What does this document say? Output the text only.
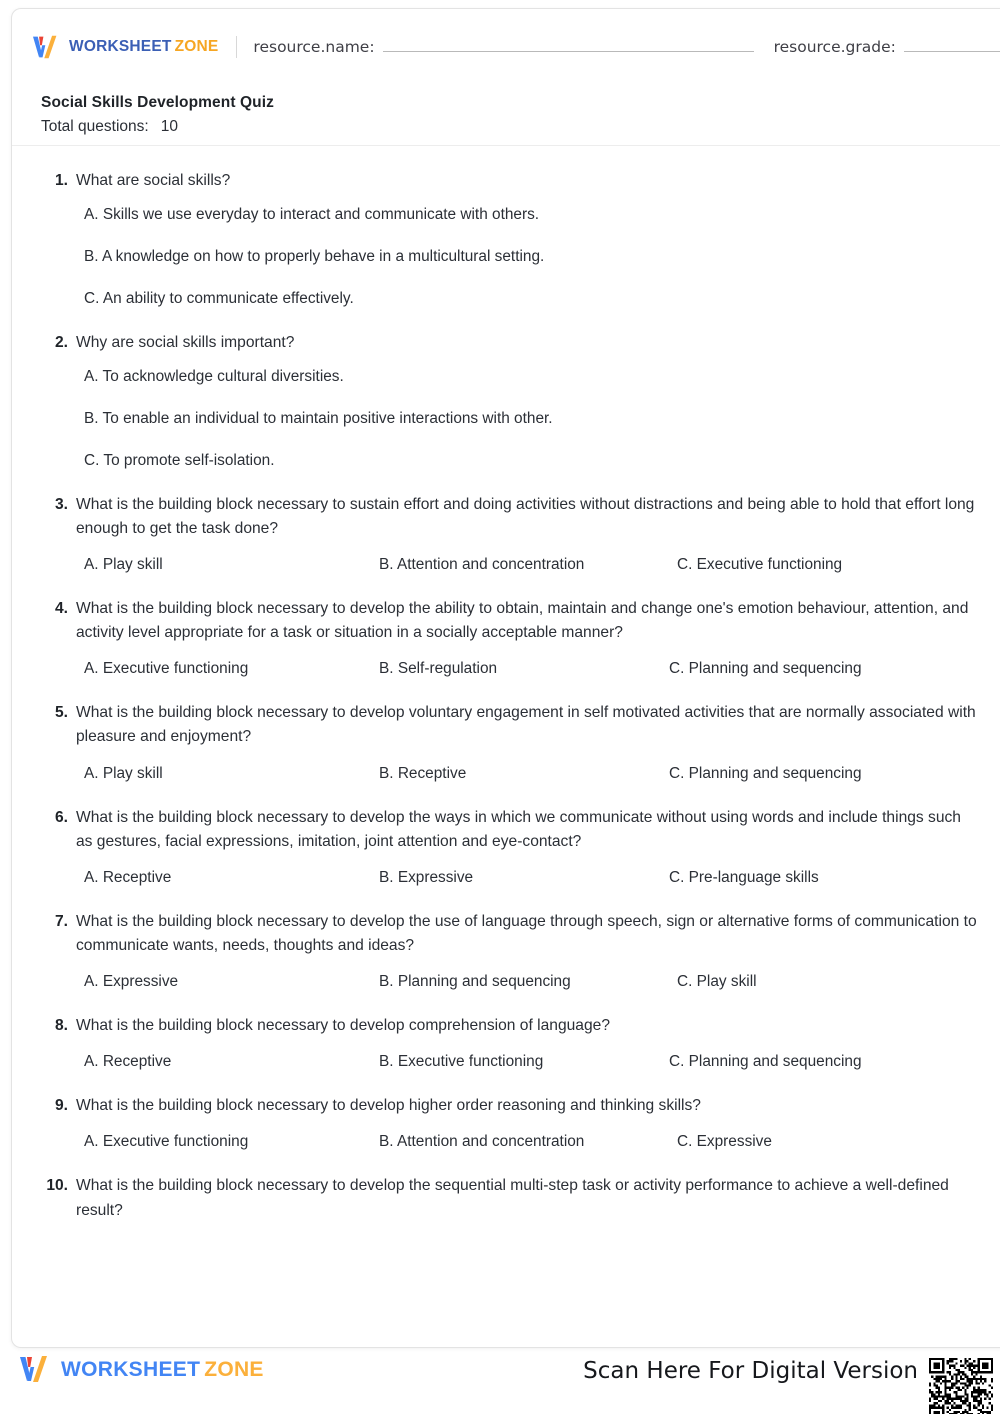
WORKSHEET ZONE resource.name:	resource.grade:
Social Skills Development Quiz
Total questions: 10
1. What are social skills?
A. Skills we use everyday to interact and communicate with others.
B. A knowledge on how to properly behave in a multicultural setting.
C. An ability to communicate effectively.
2. Why are social skills important?
A. To acknowledge cultural diversities.
B. To enable an individual to maintain positive interactions with other.
C. To promote self-isolation.
3. What is the building block necessary to sustain effort and doing activities without distractions and being able to hold that effort long enough to get the task done?
A. Play skill	B. Attention and concentration	C. Executive functioning
4. What is the building block necessary to develop the ability to obtain, maintain and change one's emotion behaviour, attention, and activity level appropriate for a task or situation in a socially acceptable manner?
A. Executive functioning	B. Self-regulation	C. Planning and sequencing
5. What is the building block necessary to develop voluntary engagement in self motivated activities that are normally associated with pleasure and enjoyment?
A. Play skill	B. Receptive	C. Planning and sequencing
6. What is the building block necessary to develop the ways in which we communicate without using words and include things such as gestures, facial expressions, imitation, joint attention and eye-contact?
A. Receptive	B. Expressive	C. Pre-language skills
7. What is the building block necessary to develop the use of language through speech, sign or alternative forms of communication to communicate wants, needs, thoughts and ideas?
A. Expressive	B. Planning and sequencing	C. Play skill
8. What is the building block necessary to develop comprehension of language?
A. Receptive	B. Executive functioning	C. Planning and sequencing
9. What is the building block necessary to develop higher order reasoning and thinking skills?
A. Executive functioning	B. Attention and concentration	C. Expressive
10. What is the building block necessary to develop the sequential multi-step task or activity performance to achieve a well-defined result?
WORKSHEET ZONE	Scan Here For Digital Version
